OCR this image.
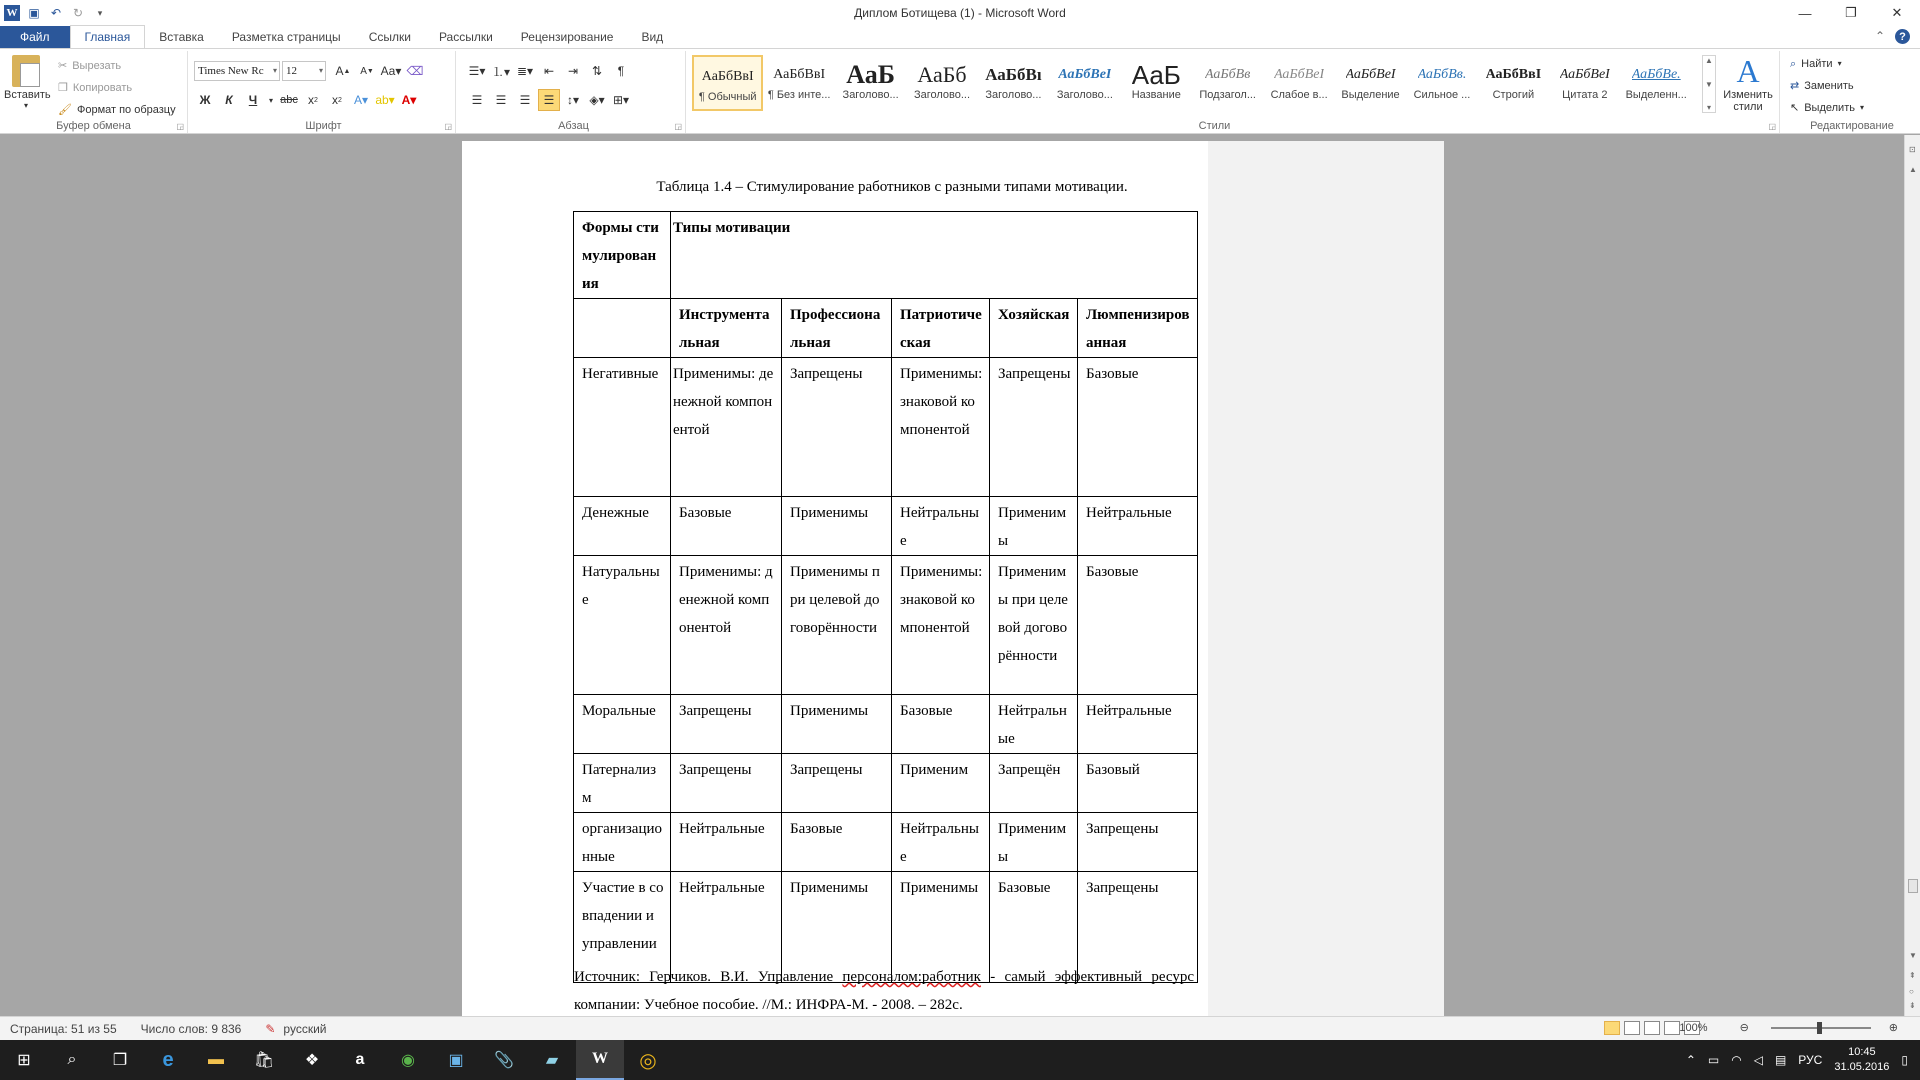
W ▣ ↶ ↻	▾	Диплом Ботищева (1) - Microsoft Word	—	❐	✕
Файл	Главная	Вставка	Разметка страницы	Ссылки	Рассылки	Рецензирование	Вид	⌃	?
Вставить
▾
✂ Вырезать
❐ Копировать
🖌 Формат по образцу
Буфер обмена	◲
Times New Rc ▾ 12	▾ A ▲ A ▼ Aa▾ ⌫
Ж	К	Ч	▾ abc x 2	x 2	A▾ ab▾ A▾
Шрифт	◲
☰▾ ⒈▾ ≣▾ ⇤	⇥	⇅	¶
☰	☰	☰	☰	↕▾ ◈▾ ⊞▾
Абзац	◲	Стили	◲
АаБбВвІ
¶ Обычный
АаБбВвІ
¶ Без инте...
АаБ
Заголово...
АаБб
Заголово...
АаБбВı
Заголово...
АаБбВеІ
Заголово...
АаБ
Название
АаБбВв
Подзагол...
АаБбВеІ
Слабое в...
АаБбВеІ
Выделение
АаБбВв.
Сильное ...
АаБбВвІ
Строгий
АаБбВеІ
Цитата 2
АаБбВе.
Выделенн...
▲
▼
▾
A
Изменить стили
Редактирование
⌕ Найти ▾
⇄ Заменить
↖ Выделить ▾
Таблица 1.4 – Стимулирование работников с разными типами мотивации.
Формы стимулирования	Типы мотивации				
	Инструментальная	Профессиональная	Патриотическая	Хозяйская	Люмпенизированная
Негативные	Применимы: денежной компонентой	Запрещены	Применимы: знаковой компонентой	Запрещены	Базовые
Денежные	Базовые	Применимы	Нейтральные	Применимы	Нейтральные
Натуральные	Применимы: денежной компонентой	Применимы при целевой договорённости	Применимы: знаковой компонентой	Применимы при целевой договорённости	Базовые
Моральные	Запрещены	Применимы	Базовые	Нейтральные	Нейтральные
Патернализм	Запрещены	Запрещены	Применим	Запрещён	Базовый
организационные	Нейтральные	Базовые	Нейтральные	Применимы	Запрещены
Участие в совпадении и управлении	Нейтральные	Применимы	Применимы	Базовые	Запрещены
Источник: Герчиков. В.И. Управление персоналом:работник - самый эффективный ресурс компании: Учебное пособие. //М.: ИНФРА-М. - 2008. – 282с.
⊡
▲
▼
⇞
○
⇟
Страница: 51 из 55 Число слов: 9 836 ✎ русский	100%	⊖	⊕
⊞	⌕	❐	e	▬	🛍	❖	a	◉	▣	📎	▰	W	◎	⌃ ▭ ◠ ◁ ▤ РУС
10:45
31.05.2016 ▯
